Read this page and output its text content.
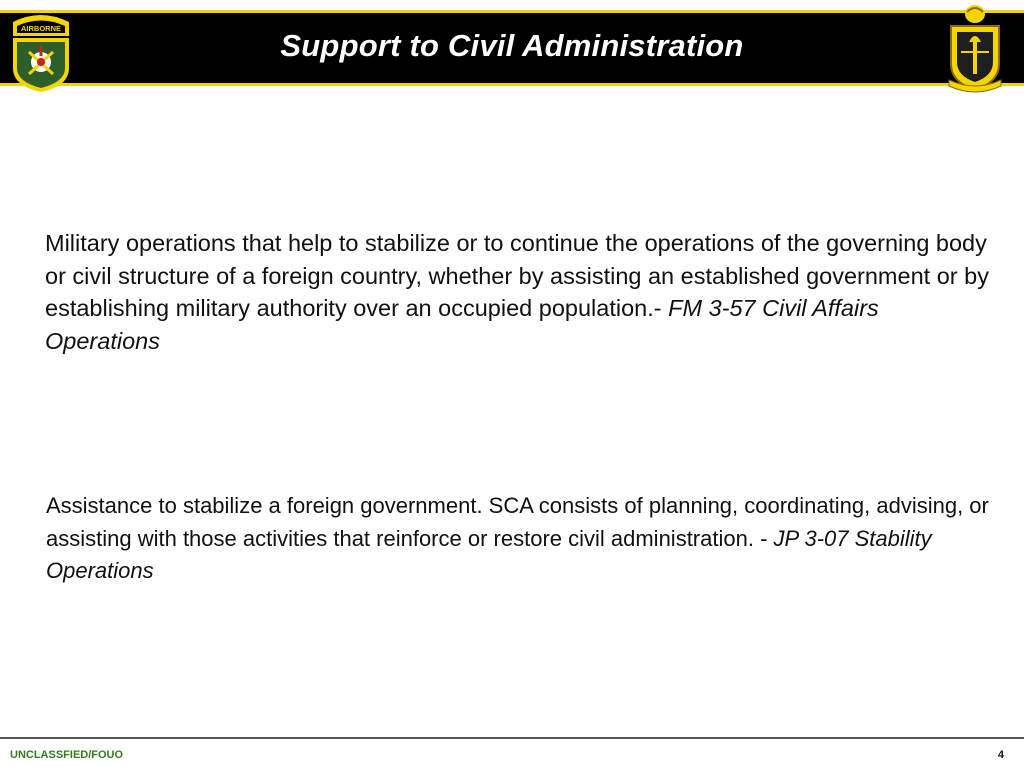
AIRBORNE	Support to Civil Administration
Military operations that help to stabilize or to continue the operations of the governing body or civil structure of a foreign country, whether by assisting an established government or by establishing military authority over an occupied population.- FM 3-57 Civil Affairs Operations
Assistance to stabilize a foreign government. SCA consists of planning, coordinating, advising, or assisting with those activities that reinforce or restore civil administration. - JP 3-07 Stability Operations
UNCLASSFIED/FOUO	4
